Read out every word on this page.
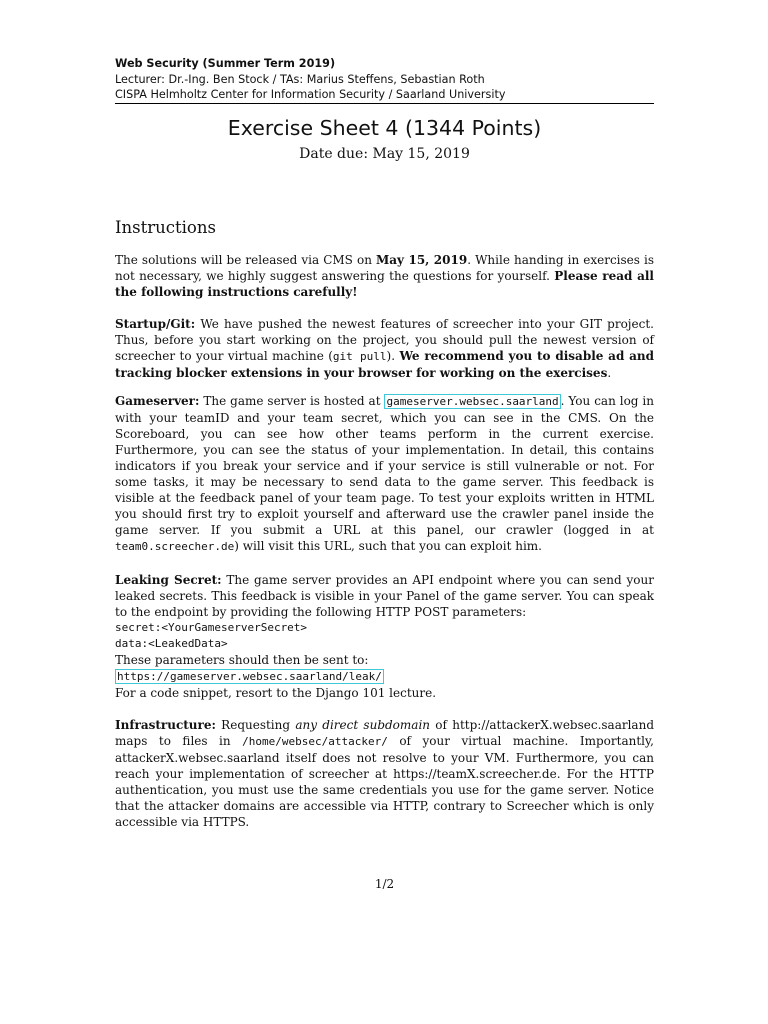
Web Security (Summer Term 2019)
Lecturer: Dr.-Ing. Ben Stock / TAs: Marius Steffens, Sebastian Roth
CISPA Helmholtz Center for Information Security / Saarland University
Exercise Sheet 4 (1344 Points)
Date due: May 15, 2019
Instructions
The solutions will be released via CMS on May 15, 2019. While handing in exercises is not necessary, we highly suggest answering the questions for yourself. Please read all the following instructions carefully!
Startup/Git: We have pushed the newest features of screecher into your GIT project. Thus, before you start working on the project, you should pull the newest version of screecher to your virtual machine (git pull). We recommend you to disable ad and tracking blocker extensions in your browser for working on the exercises.
Gameserver: The game server is hosted at gameserver.websec.saarland . You can log in with your teamID and your team secret, which you can see in the CMS. On the Scoreboard, you can see how other teams perform in the current exercise. Furthermore, you can see the status of your implementation. In detail, this contains indicators if you break your service and if your service is still vulnerable or not. For some tasks, it may be necessary to send data to the game server. This feedback is visible at the feedback panel of your team page. To test your exploits written in HTML you should first try to exploit yourself and afterward use the crawler panel inside the game server. If you submit a URL at this panel, our crawler (logged in at team0.screecher.de) will visit this URL, such that you can exploit him.
Leaking Secret: The game server provides an API endpoint where you can send your leaked secrets. This feedback is visible in your Panel of the game server. You can speak to the endpoint by providing the following HTTP POST parameters:
secret:<YourGameserverSecret>
data:<LeakedData>
These parameters should then be sent to:
https://gameserver.websec.saarland/leak/
For a code snippet, resort to the Django 101 lecture.
Infrastructure: Requesting any direct subdomain of http://attackerX.websec.saarland maps to files in /home/websec/attacker/ of your virtual machine. Importantly, attackerX.websec.saarland itself does not resolve to your VM. Furthermore, you can reach your implementation of screecher at https://teamX.screecher.de. For the HTTP authentication, you must use the same credentials you use for the game server. Notice that the attacker domains are accessible via HTTP, contrary to Screecher which is only accessible via HTTPS.
1/2
